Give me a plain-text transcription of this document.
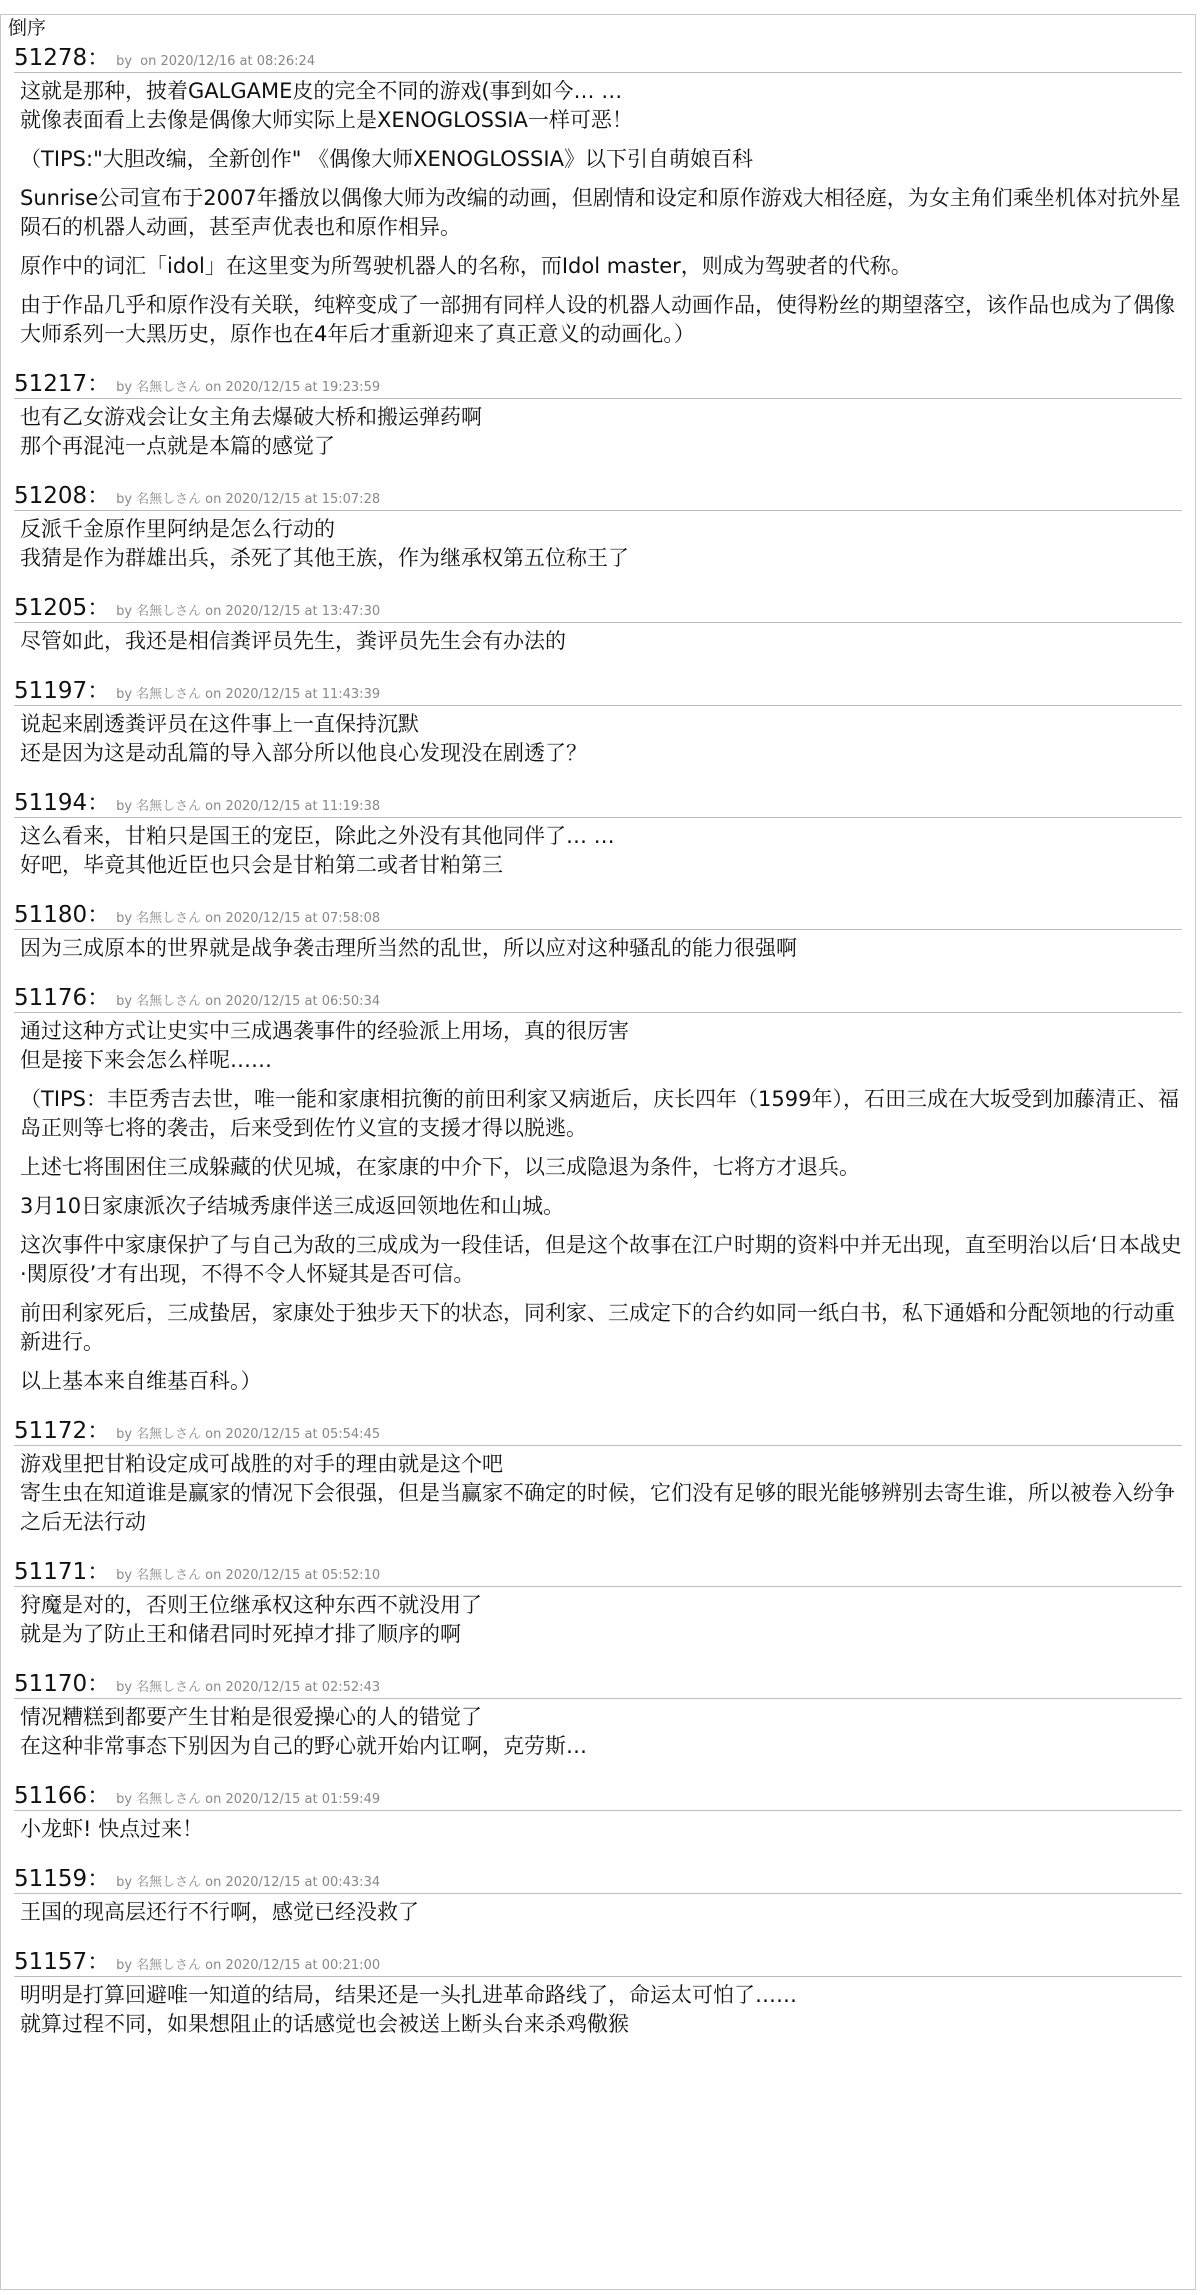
倒序
51278： by on 2020/12/16 at 08:26:24

这就是那种，披着GALGAME皮的完全不同的游戏(事到如今… …
就像表面看上去像是偶像大师实际上是XENOGLOSSIA一样可恶！

（TIPS:"大胆改编，全新创作" 《偶像大师XENOGLOSSIA》以下引自萌娘百科

Sunrise公司宣布于2007年播放以偶像大师为改编的动画，但剧情和设定和原作游戏大相径庭，为女主角们乘坐机体对抗外星陨石的机器人动画，甚至声优表也和原作相异。

原作中的词汇「idol」在这里变为所驾驶机器人的名称，而Idol master，则成为驾驶者的代称。

由于作品几乎和原作没有关联，纯粹变成了一部拥有同样人设的机器人动画作品，使得粉丝的期望落空，该作品也成为了偶像大师系列一大黑历史，原作也在4年后才重新迎来了真正意义的动画化。）

51217： by 名無しさん on 2020/12/15 at 19:23:59

也有乙女游戏会让女主角去爆破大桥和搬运弹药啊
那个再混沌一点就是本篇的感觉了

51208： by 名無しさん on 2020/12/15 at 15:07:28

反派千金原作里阿纳是怎么行动的
我猜是作为群雄出兵，杀死了其他王族，作为继承权第五位称王了

51205： by 名無しさん on 2020/12/15 at 13:47:30

尽管如此，我还是相信粪评员先生，粪评员先生会有办法的

51197： by 名無しさん on 2020/12/15 at 11:43:39

说起来剧透粪评员在这件事上一直保持沉默
还是因为这是动乱篇的导入部分所以他良心发现没在剧透了？

51194： by 名無しさん on 2020/12/15 at 11:19:38

这么看来，甘粕只是国王的宠臣，除此之外没有其他同伴了… …
好吧，毕竟其他近臣也只会是甘粕第二或者甘粕第三

51180： by 名無しさん on 2020/12/15 at 07:58:08

因为三成原本的世界就是战争袭击理所当然的乱世，所以应对这种骚乱的能力很强啊

51176： by 名無しさん on 2020/12/15 at 06:50:34

通过这种方式让史实中三成遇袭事件的经验派上用场，真的很厉害
但是接下来会怎么样呢……

（TIPS：丰臣秀吉去世，唯一能和家康相抗衡的前田利家又病逝后，庆长四年（1599年），石田三成在大坂受到加藤清正、福岛正则等七将的袭击，后来受到佐竹义宣的支援才得以脱逃。

上述七将围困住三成躲藏的伏见城，在家康的中介下，以三成隐退为条件，七将方才退兵。

3月10日家康派次子结城秀康伴送三成返回领地佐和山城。

这次事件中家康保护了与自己为敌的三成成为一段佳话，但是这个故事在江户时期的资料中并无出现，直至明治以后‘日本战史·関原役’才有出现，不得不令人怀疑其是否可信。

前田利家死后，三成蛰居，家康处于独步天下的状态，同利家、三成定下的合约如同一纸白书，私下通婚和分配领地的行动重新进行。

以上基本来自维基百科。）

51172： by 名無しさん on 2020/12/15 at 05:54:45

游戏里把甘粕设定成可战胜的对手的理由就是这个吧
寄生虫在知道谁是赢家的情况下会很强，但是当赢家不确定的时候，它们没有足够的眼光能够辨别去寄生谁，所以被卷入纷争之后无法行动

51171： by 名無しさん on 2020/12/15 at 05:52:10

狩魔是对的，否则王位继承权这种东西不就没用了
就是为了防止王和储君同时死掉才排了顺序的啊

51170： by 名無しさん on 2020/12/15 at 02:52:43

情况糟糕到都要产生甘粕是很爱操心的人的错觉了
在这种非常事态下别因为自己的野心就开始内讧啊，克劳斯…

51166： by 名無しさん on 2020/12/15 at 01:59:49

小龙虾! 快点过来！

51159： by 名無しさん on 2020/12/15 at 00:43:34

王国的现高层还行不行啊，感觉已经没救了

51157： by 名無しさん on 2020/12/15 at 00:21:00

明明是打算回避唯一知道的结局，结果还是一头扎进革命路线了，命运太可怕了……
就算过程不同，如果想阻止的话感觉也会被送上断头台来杀鸡儆猴
